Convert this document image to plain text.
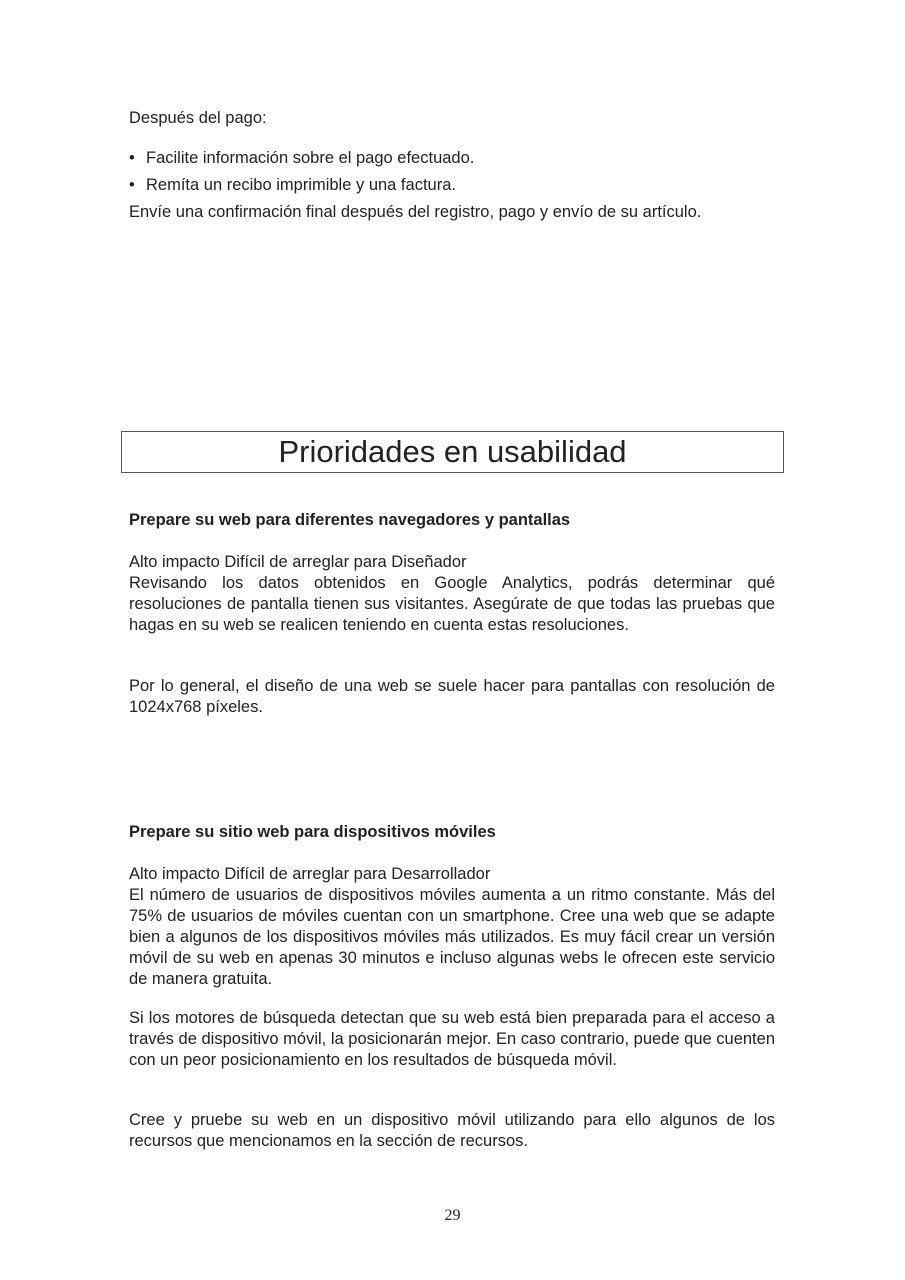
Después del pago:

• Facilite información sobre el pago efectuado.
• Remíta un recibo imprimible y una factura.

Envíe una confirmación final después del registro, pago y envío de su artículo.

Prioridades en usabilidad

Prepare su web para diferentes navegadores y pantallas

Alto impacto Difícil de arreglar para Diseñador

Revisando los datos obtenidos en Google Analytics, podrás determinar qué resoluciones de pantalla tienen sus visitantes. Asegúrate de que todas las pruebas que hagas en su web se realicen teniendo en cuenta estas resoluciones.

Por lo general, el diseño de una web se suele hacer para pantallas con resolución de 1024x768 píxeles.

Prepare su sitio web para dispositivos móviles

Alto impacto Difícil de arreglar para Desarrollador

El número de usuarios de dispositivos móviles aumenta a un ritmo constante. Más del 75% de usuarios de móviles cuentan con un smartphone. Cree una web que se adapte bien a algunos de los dispositivos móviles más utilizados. Es muy fácil crear un versión móvil de su web en apenas 30 minutos e incluso algunas webs le ofrecen este servicio de manera gratuita.

Si los motores de búsqueda detectan que su web está bien preparada para el acceso a través de dispositivo móvil, la posicionarán mejor. En caso contrario, puede que cuenten con un peor posicionamiento en los resultados de búsqueda móvil.

Cree y pruebe su web en un dispositivo móvil utilizando para ello algunos de los recursos que mencionamos en la sección de recursos.

29
